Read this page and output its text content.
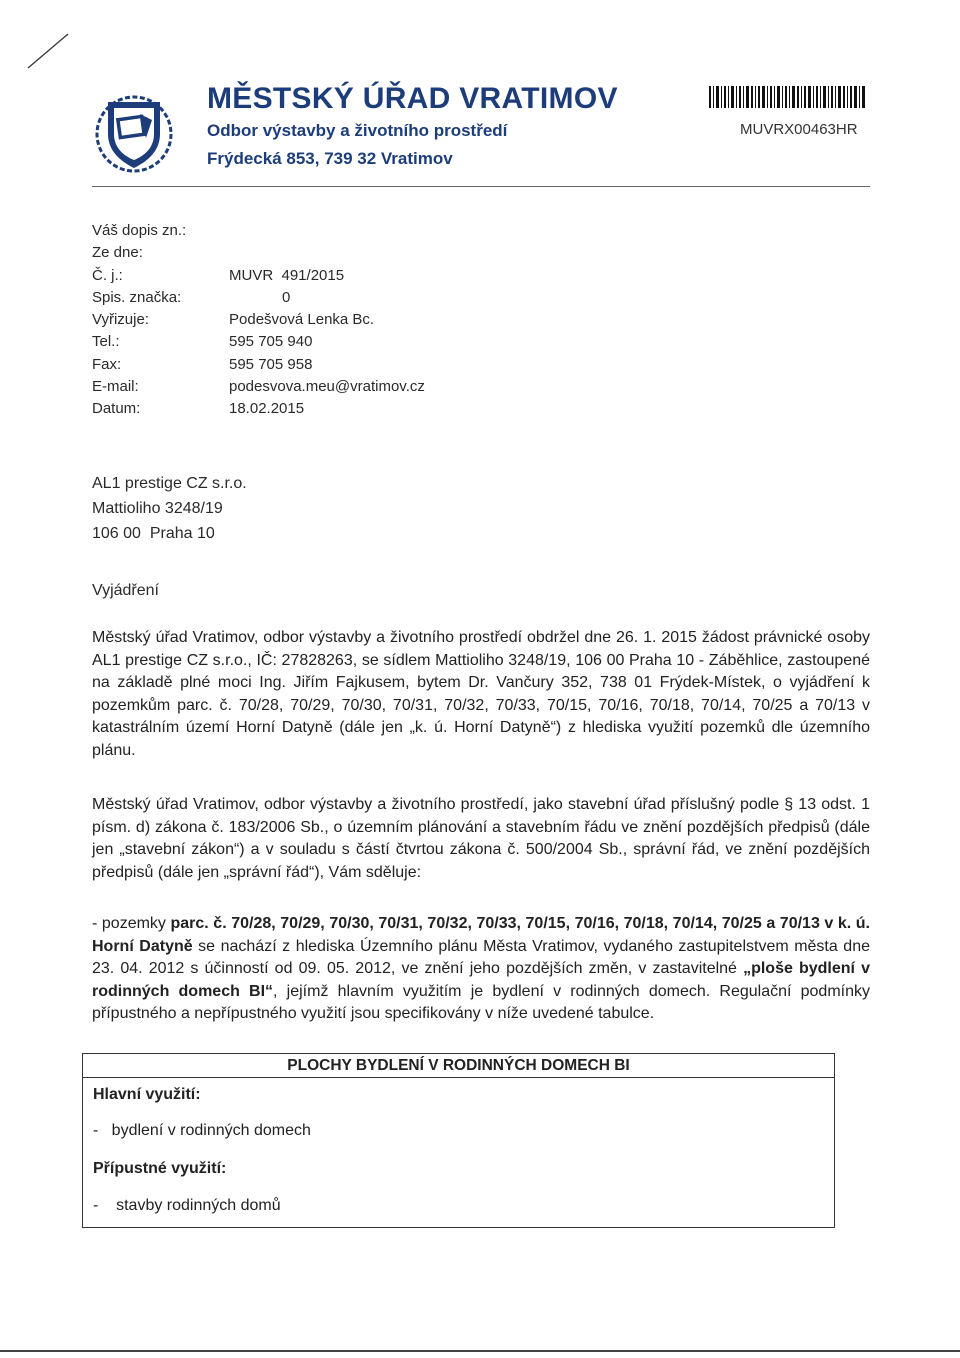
MĚSTSKÝ ÚŘAD VRATIMOV
Odbor výstavby a životního prostředí
Frýdecká 853, 739 32 Vratimov
MUVRX00463HR
Váš dopis zn.:
Ze dne:
Č. j.:	MUVR  491/2015
Spis. značka:	0
Vyřizuje:	Podešvová Lenka Bc.
Tel.:	595 705 940
Fax:	595 705 958
E-mail:	podesvova.meu@vratimov.cz
Datum:	18.02.2015
AL1 prestige CZ s.r.o.
Mattioliho 3248/19
106 00  Praha 10
Vyjádření

Městský úřad Vratimov, odbor výstavby a životního prostředí obdržel dne 26. 1. 2015 žádost právnické osoby AL1 prestige CZ s.r.o., IČ: 27828263, se sídlem Mattioliho 3248/19, 106 00 Praha 10 - Záběhlice, zastoupené na základě plné moci Ing. Jiřím Fajkusem, bytem Dr. Vančury 352, 738 01 Frýdek-Místek, o vyjádření k pozemkům parc. č. 70/28, 70/29, 70/30, 70/31, 70/32, 70/33, 70/15, 70/16, 70/18, 70/14, 70/25 a 70/13 v katastrálním území Horní Datyně (dále jen „k. ú. Horní Datyně“) z hlediska využití pozemků dle územního plánu.

Městský úřad Vratimov, odbor výstavby a životního prostředí, jako stavební úřad příslušný podle § 13 odst. 1 písm. d) zákona č. 183/2006 Sb., o územním plánování a stavebním řádu ve znění pozdějších předpisů (dále jen „stavební zákon“) a v souladu s částí čtvrtou zákona č. 500/2004 Sb., správní řád, ve znění pozdějších předpisů (dále jen „správní řád“), Vám sděluje:

- pozemky parc. č. 70/28, 70/29, 70/30, 70/31, 70/32, 70/33, 70/15, 70/16, 70/18, 70/14, 70/25 a 70/13 v k. ú. Horní Datyně se nachází z hlediska Územního plánu Města Vratimov, vydaného zastupitelstvem města dne 23. 04. 2012 s účinností od 09. 05. 2012, ve znění jeho pozdějších změn, v zastavitelné „ploše bydlení v rodinných domech BI“, jejímž hlavním využitím je bydlení v rodinných domech. Regulační podmínky přípustného a nepřípustného využití jsou specifikovány v níže uvedené tabulce.

PLOCHY BYDLENÍ V RODINNÝCH DOMECH BI
Hlavní využití:
-   bydlení v rodinných domech
Přípustné využití:
-    stavby rodinných domů
